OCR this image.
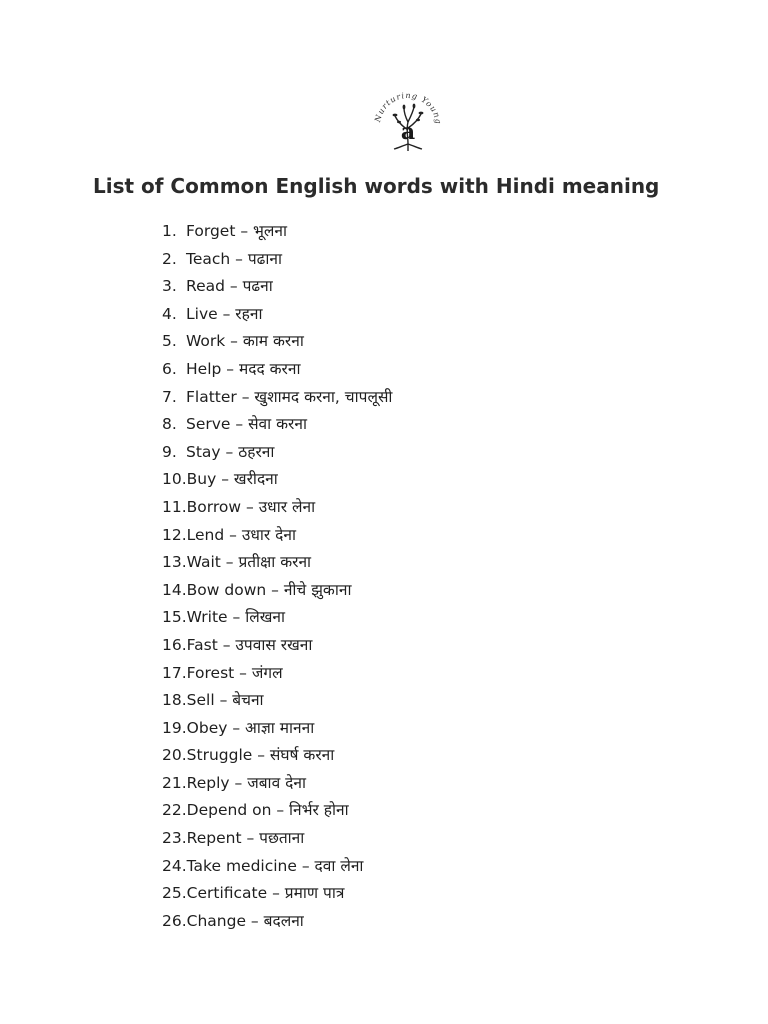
Nurturing Young
a
List of Common English words with Hindi meaning
1. Forget – भूलना
2. Teach – पढाना
3. Read – पढना
4. Live – रहना
5. Work – काम करना
6. Help – मदद करना
7. Flatter – खुशामद करना, चापलूसी
8. Serve – सेवा करना
9. Stay – ठहरना
10. Buy – खरीदना
11. Borrow – उधार लेना
12. Lend – उधार देना
13. Wait – प्रतीक्षा करना
14. Bow down – नीचे झुकाना
15. Write – लिखना
16. Fast – उपवास रखना
17. Forest – जंगल
18. Sell – बेचना
19. Obey – आज्ञा मानना
20. Struggle – संघर्ष करना
21. Reply – जबाव देना
22. Depend on – निर्भर होना
23. Repent – पछताना
24. Take medicine – दवा लेना
25. Certificate – प्रमाण पात्र
26. Change – बदलना
